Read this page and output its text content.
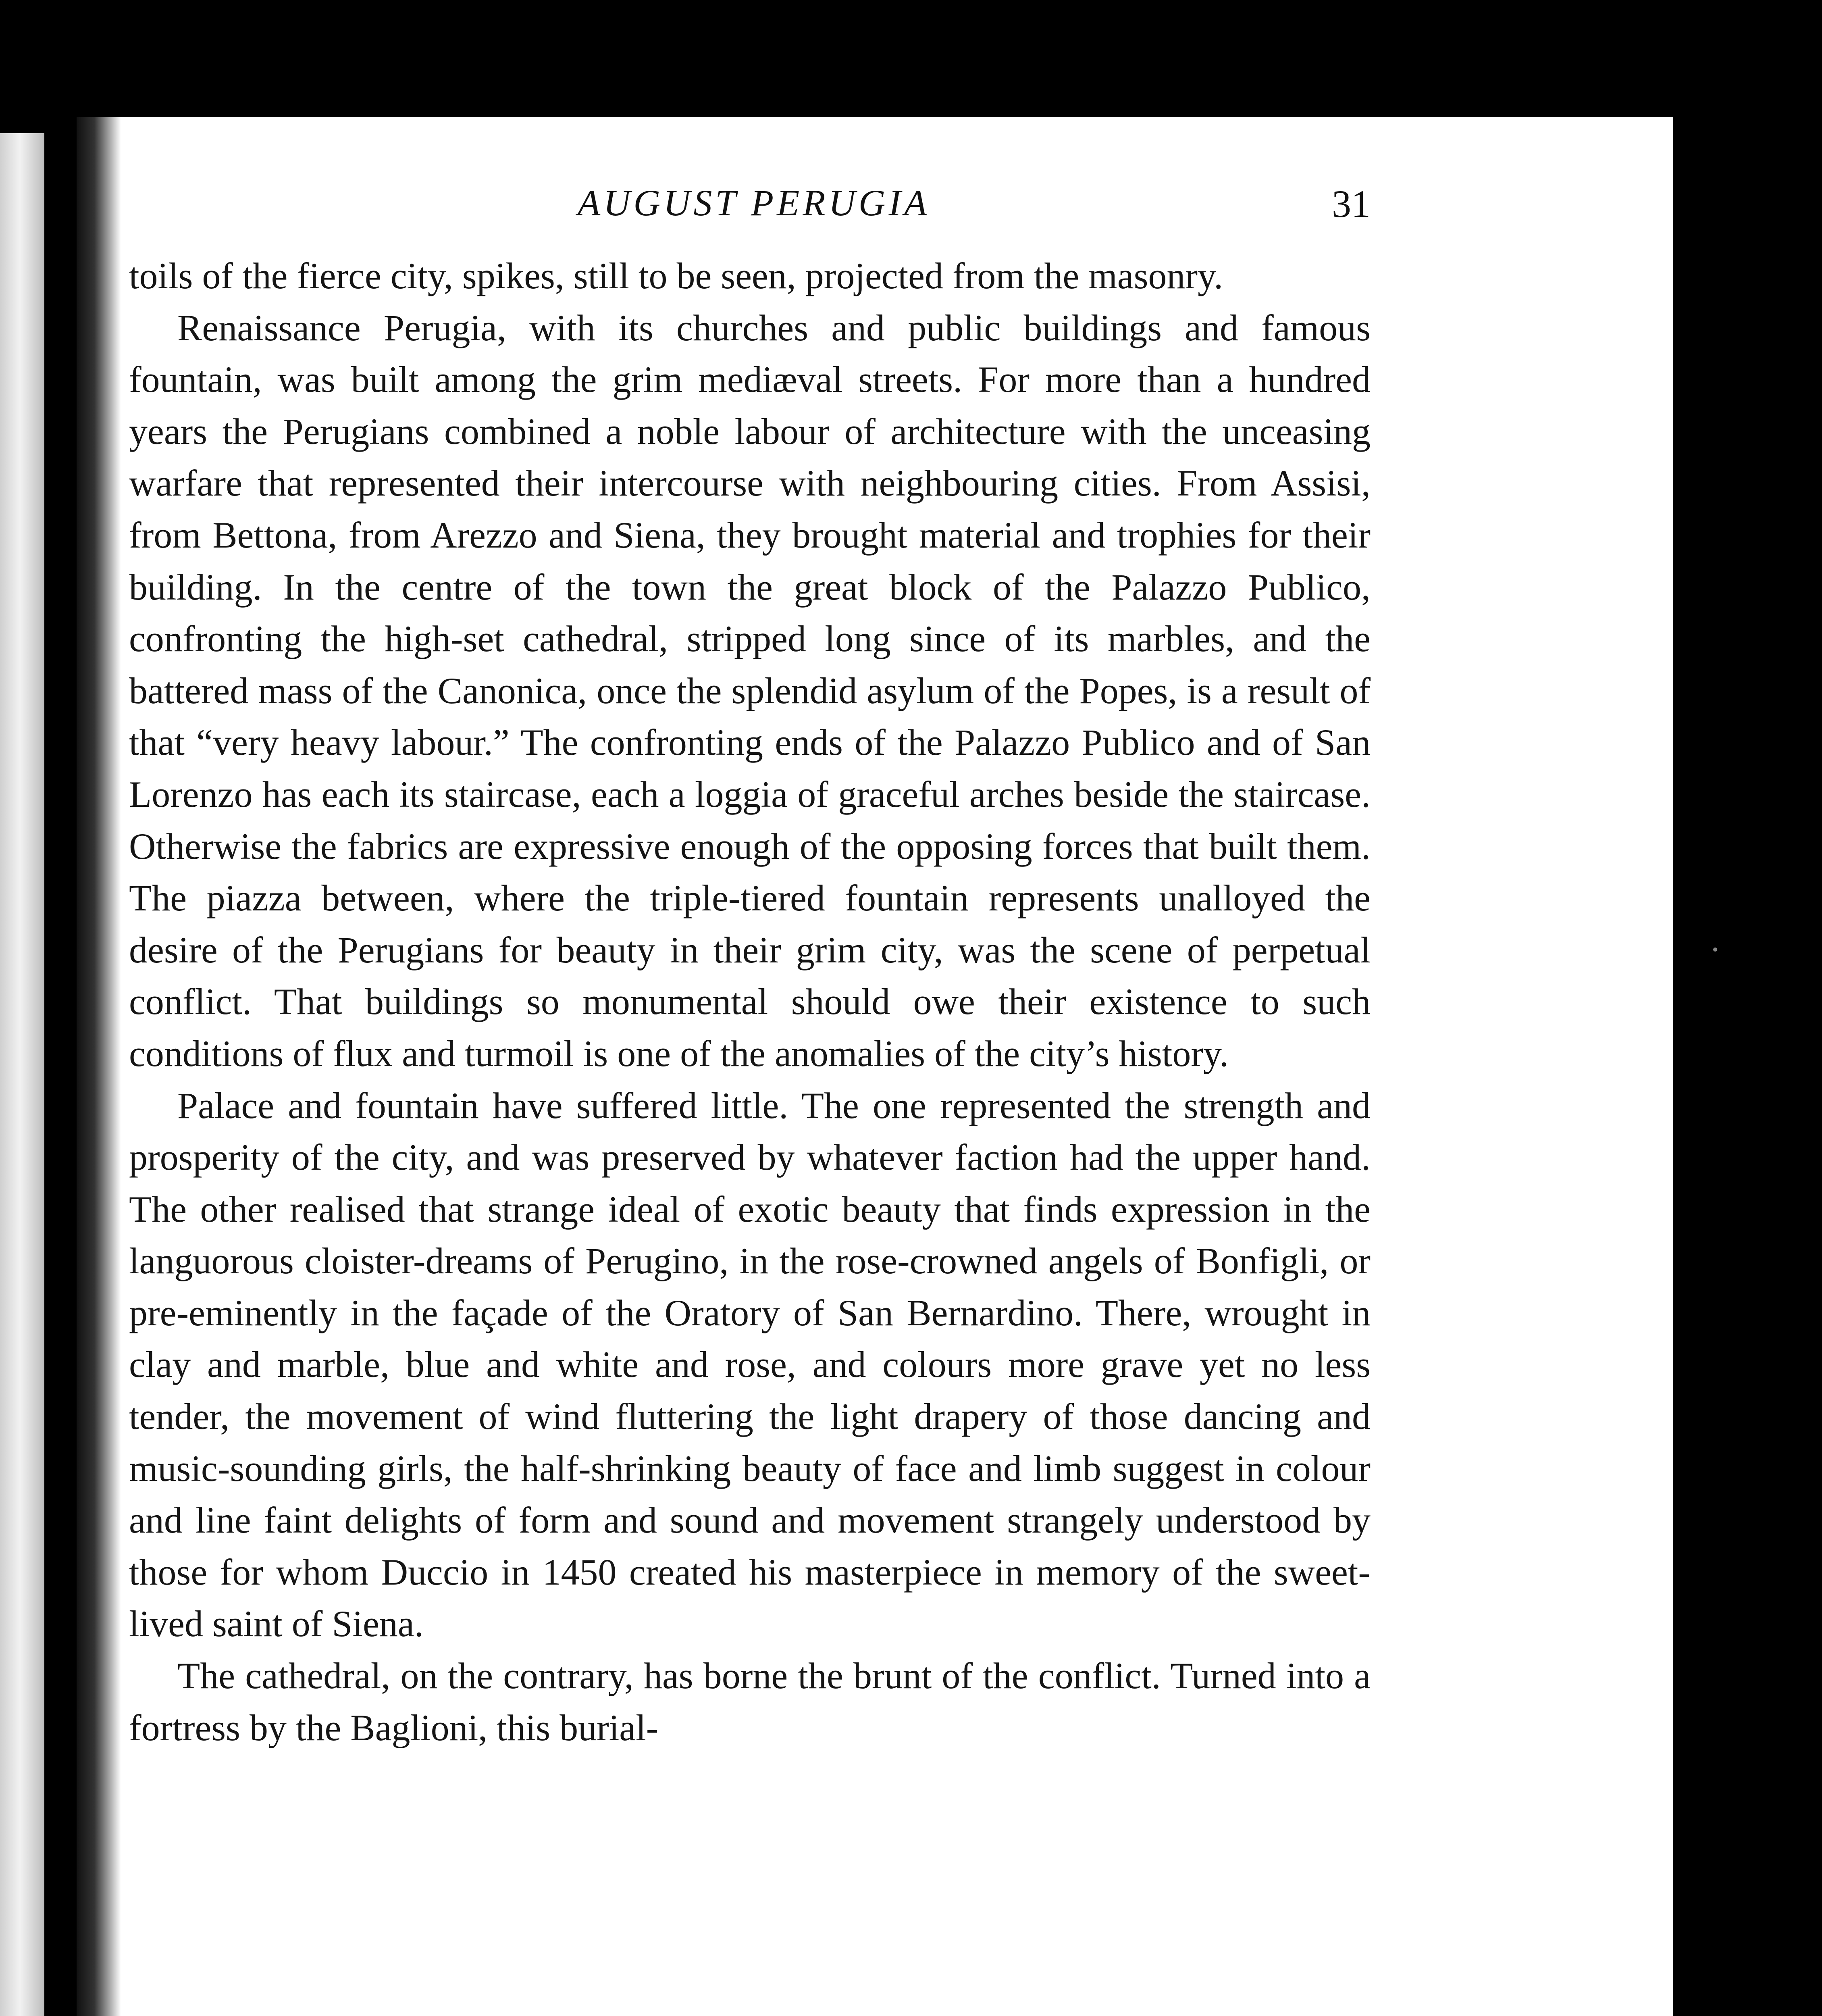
AUGUST PERUGIA	31

toils of the fierce city, spikes, still to be seen, projected from the masonry.

Renaissance Perugia, with its churches and public buildings and famous fountain, was built among the grim mediæval streets. For more than a hundred years the Perugians combined a noble labour of architecture with the unceasing warfare that represented their intercourse with neighbouring cities. From Assisi, from Bettona, from Arezzo and Siena, they brought material and trophies for their building. In the centre of the town the great block of the Palazzo Publico, confronting the high-set cathedral, stripped long since of its marbles, and the battered mass of the Canonica, once the splendid asylum of the Popes, is a result of that “very heavy labour.” The confronting ends of the Palazzo Publico and of San Lorenzo has each its staircase, each a loggia of graceful arches beside the staircase. Otherwise the fabrics are expressive enough of the opposing forces that built them. The piazza between, where the triple-tiered fountain represents unalloyed the desire of the Perugians for beauty in their grim city, was the scene of perpetual conflict. That buildings so monumental should owe their existence to such conditions of flux and turmoil is one of the anomalies of the city’s history.

Palace and fountain have suffered little. The one represented the strength and prosperity of the city, and was preserved by whatever faction had the upper hand. The other realised that strange ideal of exotic beauty that finds expression in the languorous cloister-dreams of Perugino, in the rose-crowned angels of Bonfigli, or pre-eminently in the façade of the Oratory of San Bernardino. There, wrought in clay and marble, blue and white and rose, and colours more grave yet no less tender, the movement of wind fluttering the light drapery of those dancing and music-sounding girls, the half-shrinking beauty of face and limb suggest in colour and line faint delights of form and sound and movement strangely understood by those for whom Duccio in 1450 created his masterpiece in memory of the sweet-lived saint of Siena.

The cathedral, on the contrary, has borne the brunt of the conflict. Turned into a fortress by the Baglioni, this burial-
